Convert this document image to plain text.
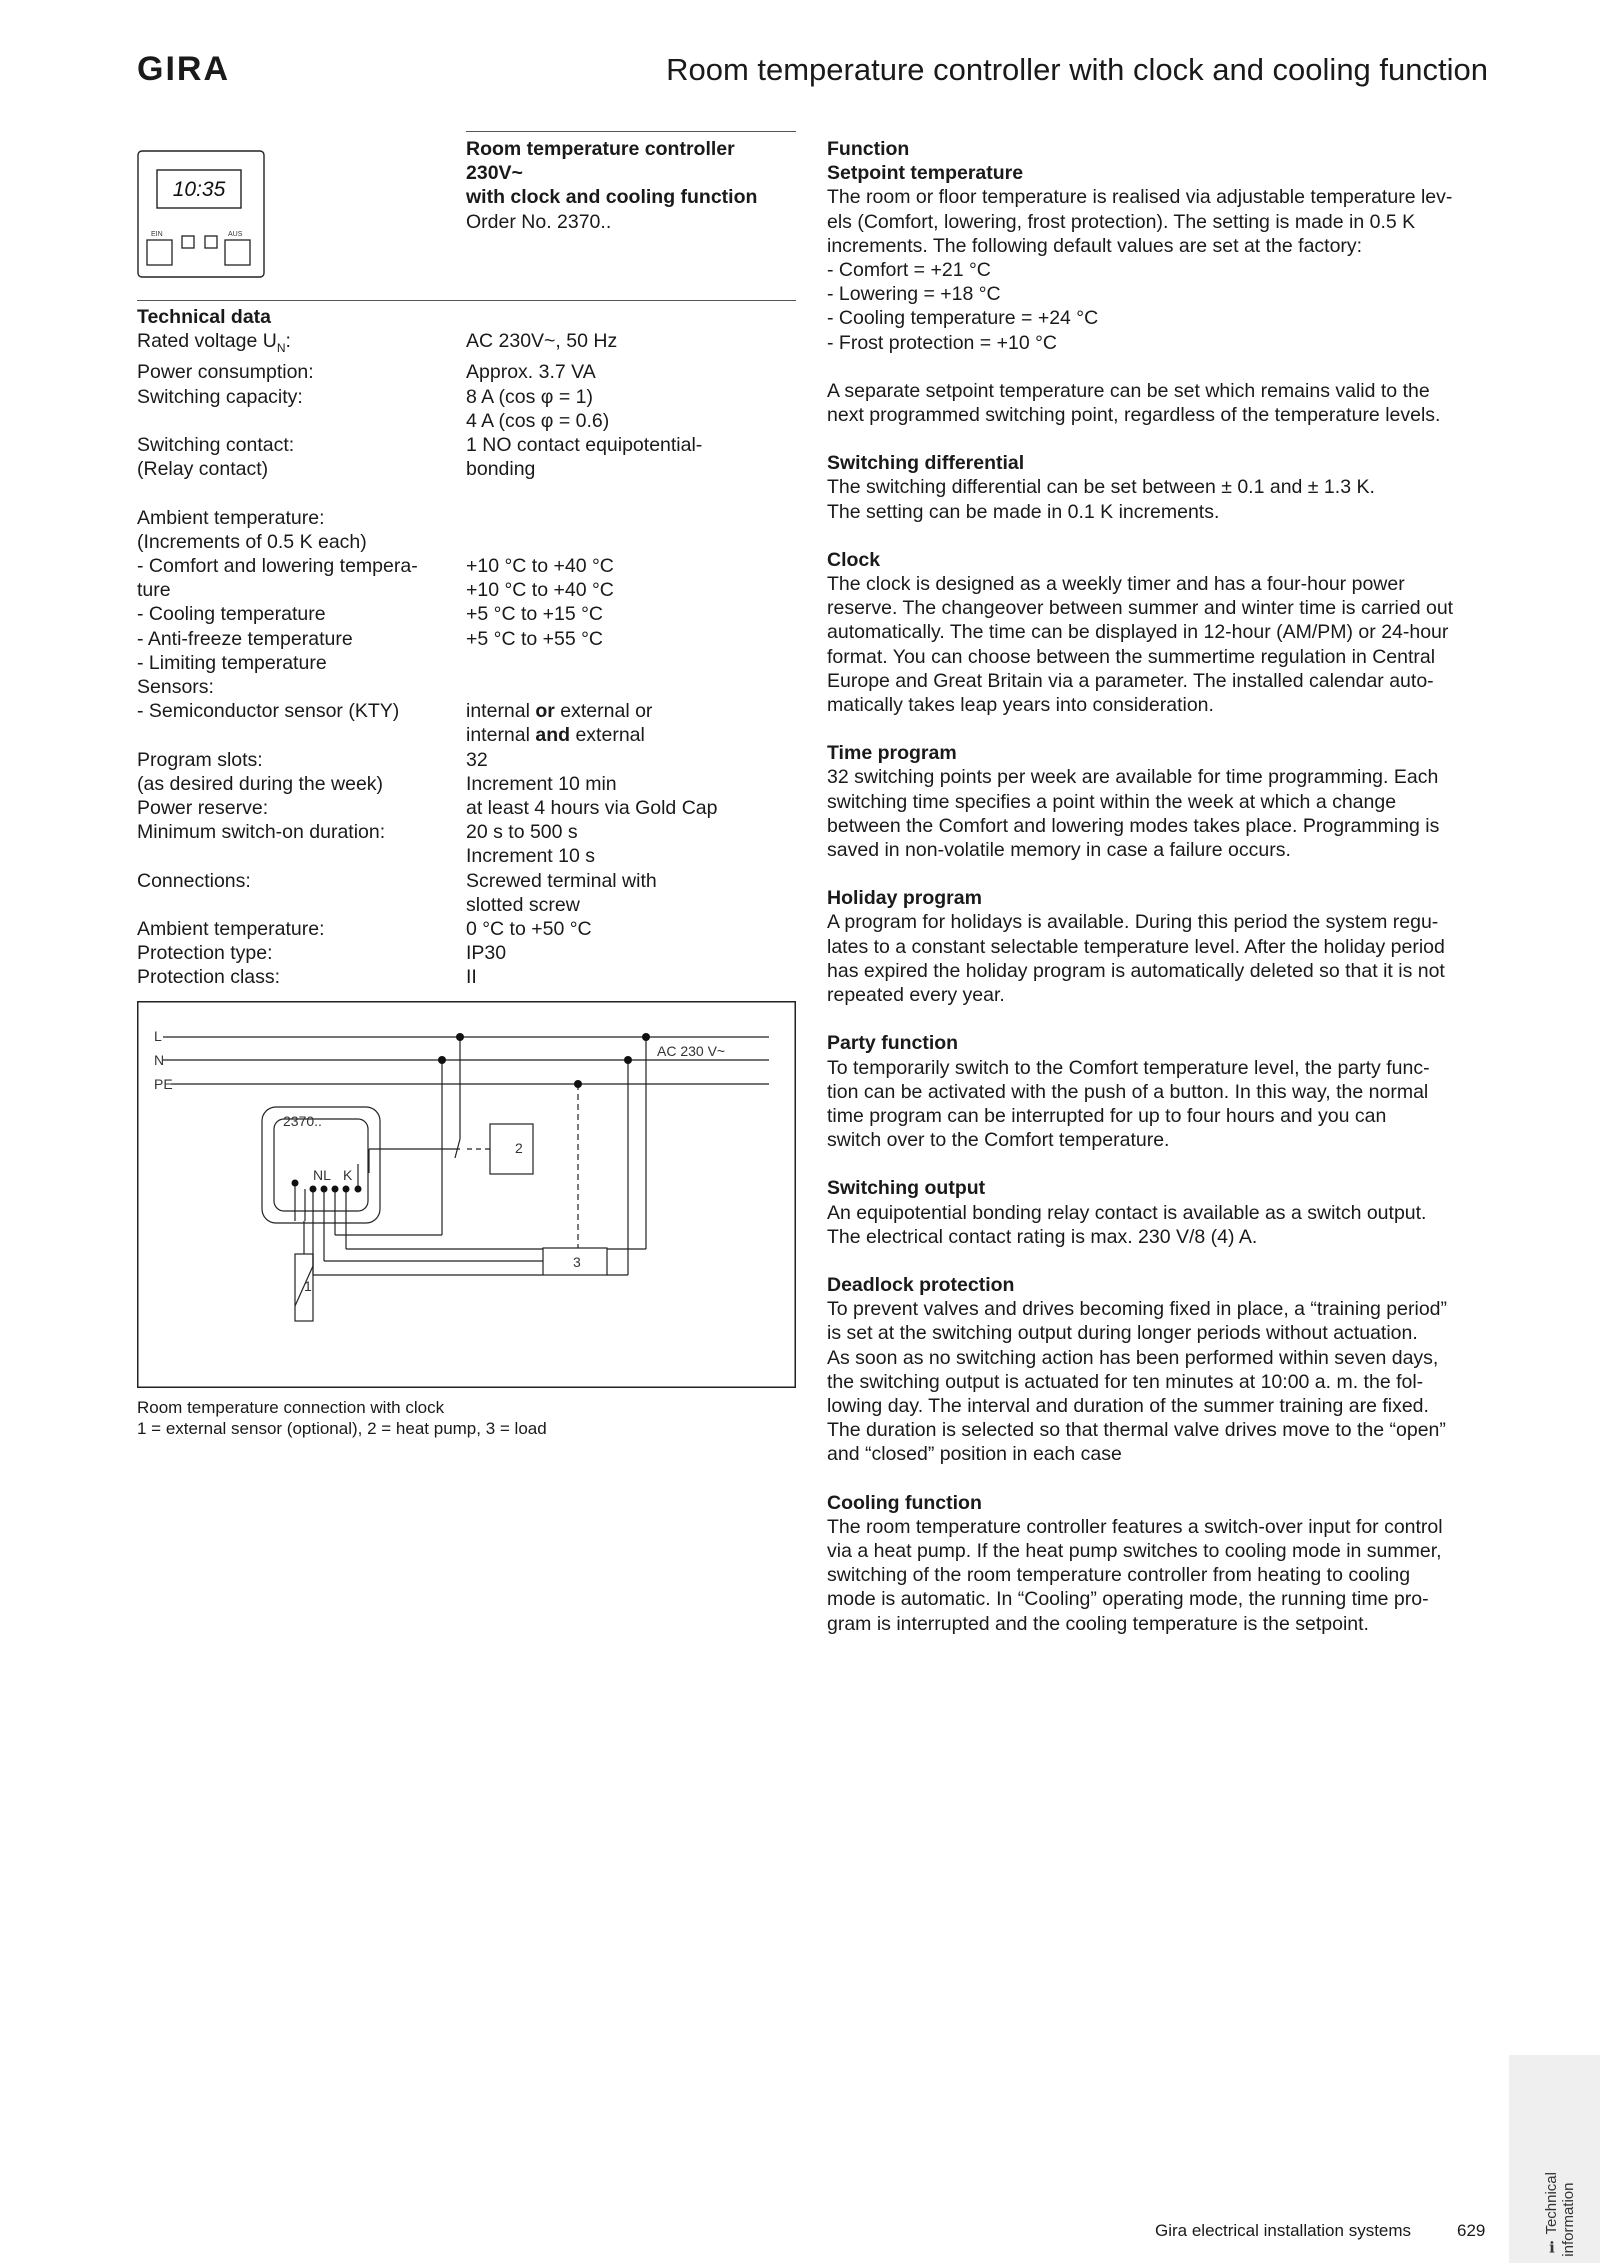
GIRA	Room temperature controller with clock and cooling function
10:35
EIN	AUS
Room temperature controller
230V~
with clock and cooling function
Order No. 2370..
Technical data
Rated voltage $U_N$:	AC 230V~, 50 Hz
Power consumption:	Approx. 3.7 VA
Switching capacity:	8 A (cos φ = 1)

4 A (cos φ = 0.6)
Switching contact:	1 NO contact equipotential-
(Relay contact)	bonding

Ambient temperature:
(Increments of 0.5 K each)
- Comfort and lowering tempera-	+10 °C to +40 °C
ture	+10 °C to +40 °C
- Cooling temperature	+5 °C to +15 °C
- Anti-freeze temperature	+5 °C to +55 °C
- Limiting temperature
Sensors:
- Semiconductor sensor (KTY)	internal or external or

internal and external
Program slots:	32
(as desired during the week)	Increment 10 min
Power reserve:	at least 4 hours via Gold Cap
Minimum switch-on duration:	20 s to 500 s

Increment 10 s
Connections:	Screwed terminal with

slotted screw
Ambient temperature:	0 °C to +50 °C
Protection type:	IP30
Protection class:	II
L
N
PE
AC 230 V~
2370..
NL K
1
2
3
Room temperature connection with clock
1 = external sensor (optional), 2 = heat pump, 3 = load
Function
Setpoint temperature
The room or floor temperature is realised via adjustable temperature lev-
els (Comfort, lowering, frost protection). The setting is made in 0.5 K
increments. The following default values are set at the factory:
- Comfort = +21 °C
- Lowering = +18 °C
- Cooling temperature = +24 °C
- Frost protection = +10 °C
A separate setpoint temperature can be set which remains valid to the
next programmed switching point, regardless of the temperature levels.
Switching differential
The switching differential can be set between ± 0.1 and ± 1.3 K.
The setting can be made in 0.1 K increments.
Clock
The clock is designed as a weekly timer and has a four-hour power
reserve. The changeover between summer and winter time is carried out
automatically. The time can be displayed in 12-hour (AM/PM) or 24-hour
format. You can choose between the summertime regulation in Central
Europe and Great Britain via a parameter. The installed calendar auto-
matically takes leap years into consideration.
Time program
32 switching points per week are available for time programming. Each
switching time specifies a point within the week at which a change
between the Comfort and lowering modes takes place. Programming is
saved in non-volatile memory in case a failure occurs.
Holiday program
A program for holidays is available. During this period the system regu-
lates to a constant selectable temperature level. After the holiday period
has expired the holiday program is automatically deleted so that it is not
repeated every year.
Party function
To temporarily switch to the Comfort temperature level, the party func-
tion can be activated with the push of a button. In this way, the normal
time program can be interrupted for up to four hours and you can
switch over to the Comfort temperature.
Switching output
An equipotential bonding relay contact is available as a switch output.
The electrical contact rating is max. 230 V/8 (4) A.
Deadlock protection
To prevent valves and drives becoming fixed in place, a “training period”
is set at the switching output during longer periods without actuation.
As soon as no switching action has been performed within seven days,
the switching output is actuated for ten minutes at 10:00 a. m. the fol-
lowing day. The interval and duration of the summer training are fixed.
The duration is selected so that thermal valve drives move to the “open”
and “closed” position in each case
Cooling function
The room temperature controller features a switch-over input for control
via a heat pump. If the heat pump switches to cooling mode in summer,
switching of the room temperature controller from heating to cooling
mode is automatic. In “Cooling” operating mode, the running time pro-
gram is interrupted and the cooling temperature is the setpoint.
Gira electrical installation systems	629
ℹ Technical
information
